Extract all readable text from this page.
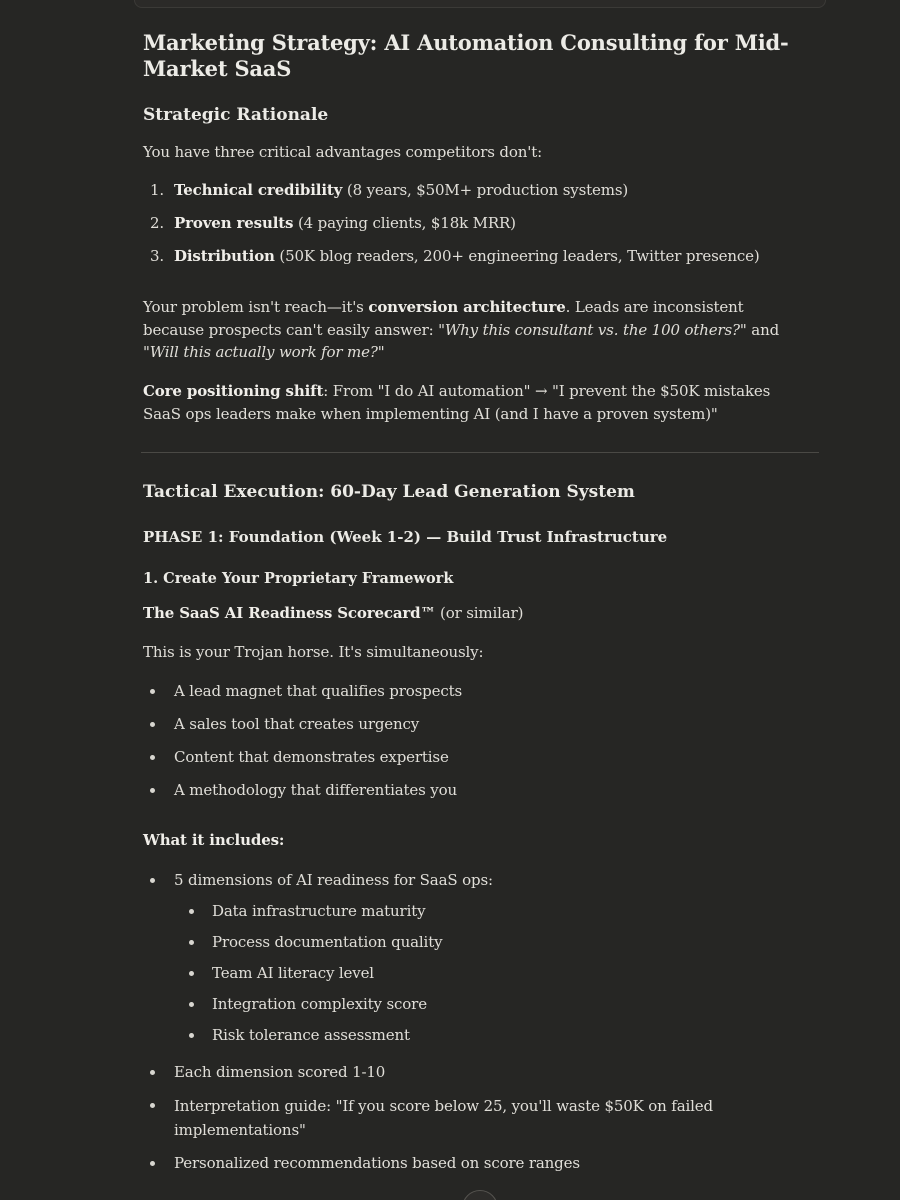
Marketing Strategy: AI Automation Consulting for Mid-Market SaaS
Strategic Rationale

You have three critical advantages competitors don't:

1. Technical credibility (8 years, $50M+ production systems)
2. Proven results (4 paying clients, $18k MRR)
3. Distribution (50K blog readers, 200+ engineering leaders, Twitter presence)

Your problem isn't reach—it's conversion architecture. Leads are inconsistent because prospects can't easily answer: "Why this consultant vs. the 100 others?" and "Will this actually work for me?"

Core positioning shift: From "I do AI automation" → "I prevent the $50K mistakes SaaS ops leaders make when implementing AI (and I have a proven system)"

Tactical Execution: 60-Day Lead Generation System
PHASE 1: Foundation (Week 1-2) — Build Trust Infrastructure
1. Create Your Proprietary Framework

The SaaS AI Readiness Scorecard™ (or similar)

This is your Trojan horse. It's simultaneously:

A lead magnet that qualifies prospects

A sales tool that creates urgency

Content that demonstrates expertise

A methodology that differentiates you

What it includes:

5 dimensions of AI readiness for SaaS ops:

Data infrastructure maturity

Process documentation quality

Team AI literacy level

Integration complexity score

Risk tolerance assessment

Each dimension scored 1-10

Interpretation guide: "If you score below 25, you'll waste $50K on failed implementations"

Personalized recommendations based on score ranges
